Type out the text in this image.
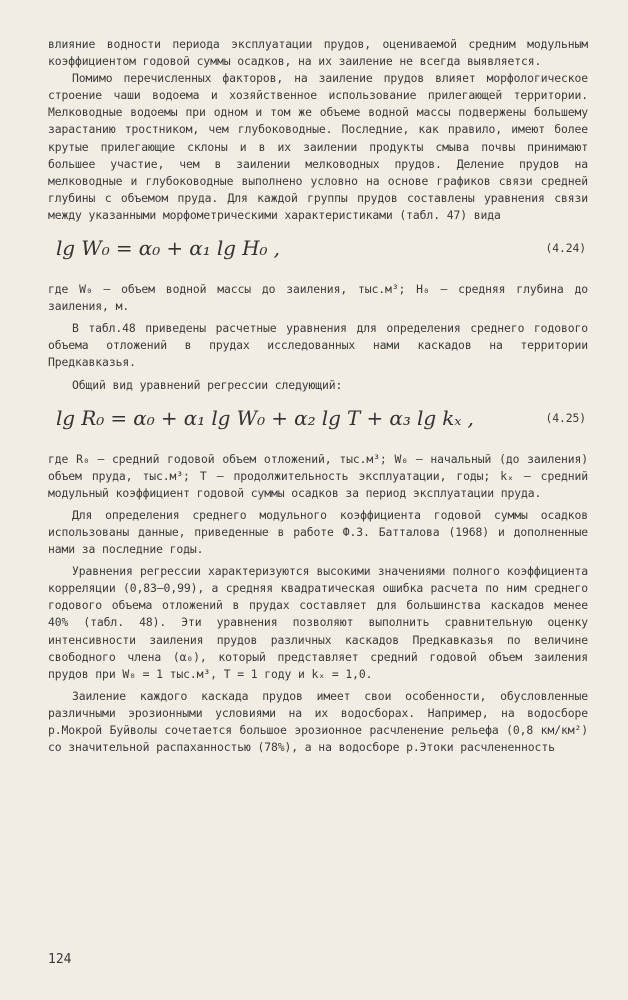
влияние водности периода эксплуатации прудов, оцениваемой средним модульным коэффициентом годовой суммы осадков, на их заиление не всегда выявляется.

Помимо перечисленных факторов, на заиление прудов влияет морфологическое строение чаши водоема и хозяйственное использование прилегающей территории. Мелководные водоемы при одном и том же объеме водной массы подвержены большему зарастанию тростником, чем глубоководные. Последние, как правило, имеют более крутые прилегающие склоны и в их заилении продукты смыва почвы принимают большее участие, чем в заилении мелководных прудов. Деление прудов на мелководные и глубоководные выполнено условно на основе графиков связи средней глубины с объемом пруда. Для каждой группы прудов составлены уравнения связи между указанными морфометрическими характеристиками (табл. 47) вида

lg W₀ = α₀ + α₁ lg H₀ ,	(4.24)

где W₀ – объем водной массы до заиления, тыс.м³; H₀ – средняя глубина до заиления, м.

В табл.48 приведены расчетные уравнения для определения среднего годового объема отложений в прудах исследованных нами каскадов на территории Предкавказья.

Общий вид уравнений регрессии следующий:

lg R₀ = α₀ + α₁ lg W₀ + α₂ lg T + α₃ lg kₓ ,	(4.25)

где R₀ – средний годовой объем отложений, тыс.м³; W₀ – начальный (до заиления) объем пруда, тыс.м³; T – продолжительность эксплуатации, годы; kₓ – средний модульный коэффициент годовой суммы осадков за период эксплуатации пруда.

Для определения среднего модульного коэффициента годовой суммы осадков использованы данные, приведенные в работе Ф.З. Батталова (1968) и дополненные нами за последние годы.

Уравнения регрессии характеризуются высокими значениями полного коэффициента корреляции (0,83–0,99), а средняя квадратическая ошибка расчета по ним среднего годового объема отложений в прудах составляет для большинства каскадов менее 40% (табл. 48). Эти уравнения позволяют выполнить сравнительную оценку интенсивности заиления прудов различных каскадов Предкавказья по величине свободного члена (α₀), который представляет средний годовой объем заиления прудов при W₀ = 1 тыс.м³, T = 1 году и kₓ = 1,0.

Заиление каждого каскада прудов имеет свои особенности, обусловленные различными эрозионными условиями на их водосборах. Например, на водосборе р.Мокрой Буйволы сочетается большое эрозионное расчленение рельефа (0,8 км/км²) со значительной распаханностью (78%), а на водосборе р.Этоки расчлененность

124
